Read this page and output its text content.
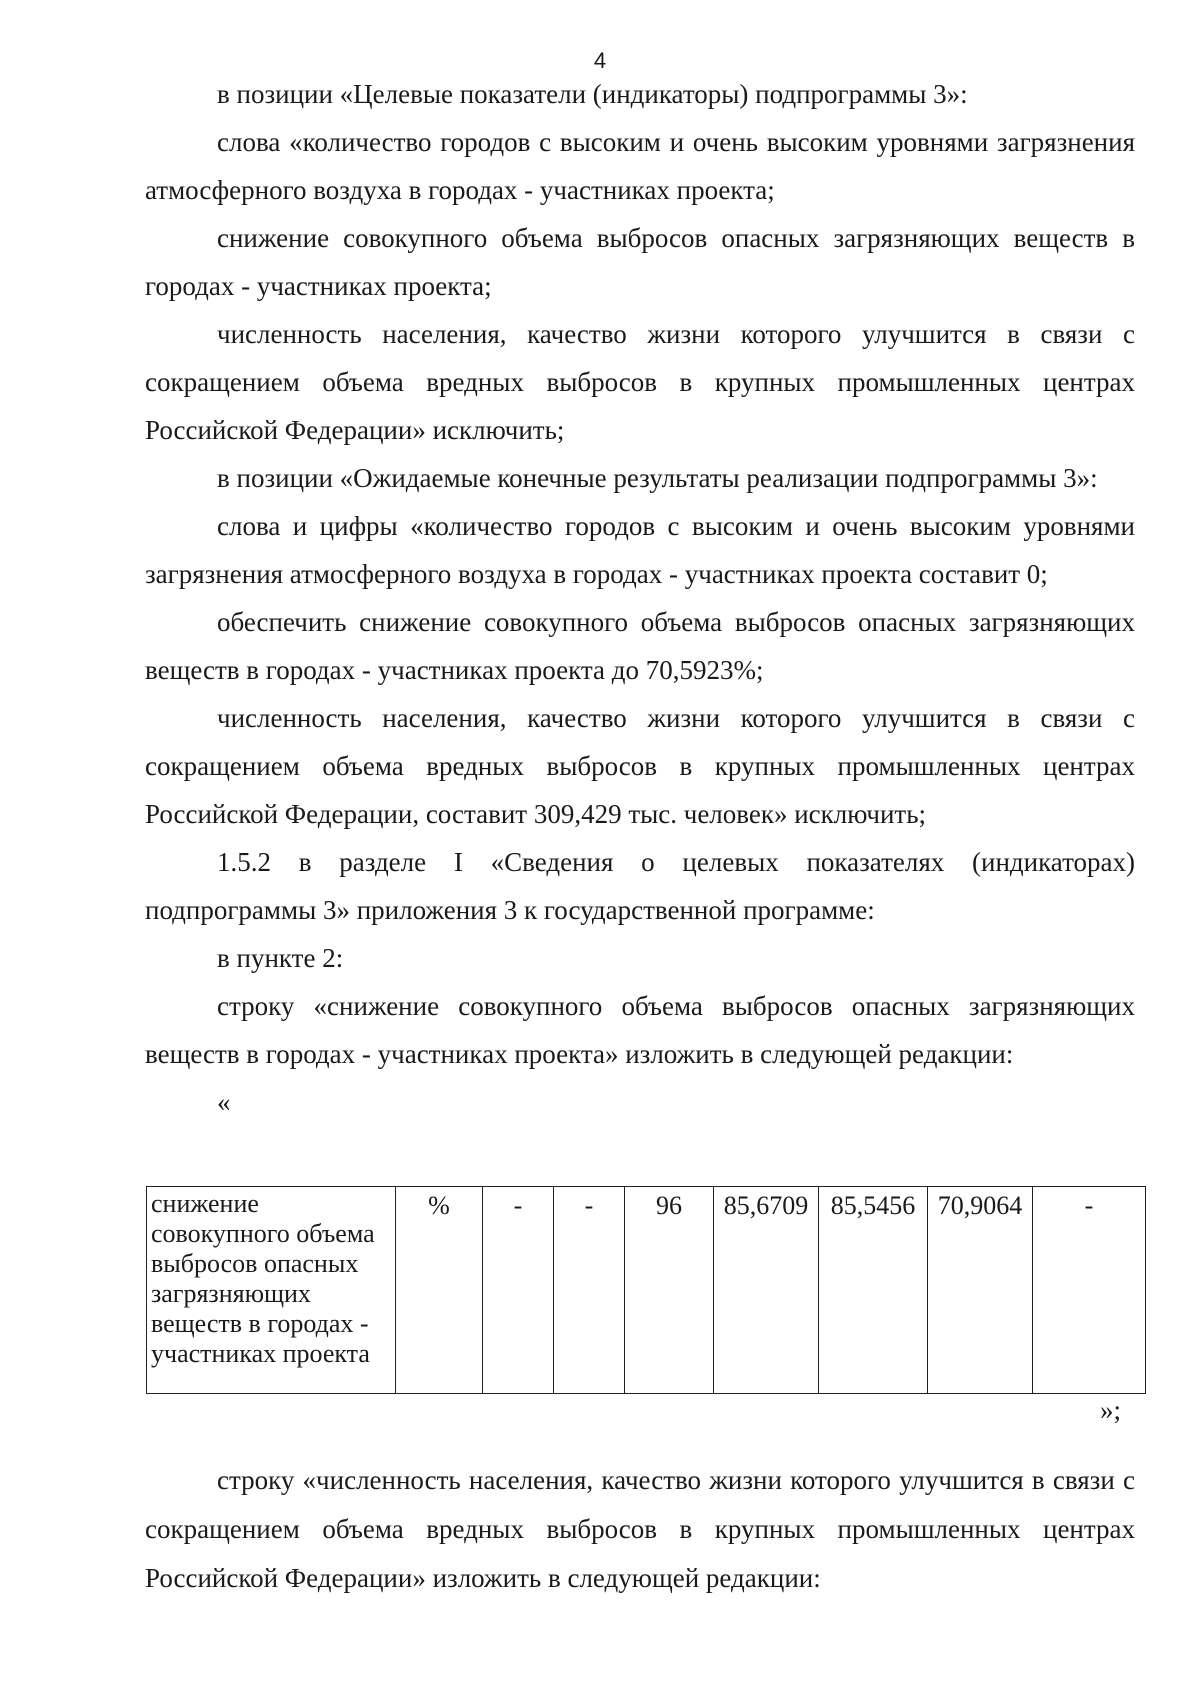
4

в позиции «Целевые показатели (индикаторы) подпрограммы 3»:

слова «количество городов с высоким и очень высоким уровнями загрязнения атмосферного воздуха в городах - участниках проекта;

снижение совокупного объема выбросов опасных загрязняющих веществ в городах - участниках проекта;

численность населения, качество жизни которого улучшится в связи с сокращением объема вредных выбросов в крупных промышленных центрах Российской Федерации» исключить;

в позиции «Ожидаемые конечные результаты реализации подпрограммы 3»:

слова и цифры «количество городов с высоким и очень высоким уровнями загрязнения атмосферного воздуха в городах - участниках проекта составит 0;

обеспечить снижение совокупного объема выбросов опасных загрязняющих веществ в городах - участниках проекта до 70,5923%;

численность населения, качество жизни которого улучшится в связи с сокращением объема вредных выбросов в крупных промышленных центрах Российской Федерации, составит 309,429 тыс. человек» исключить;

1.5.2 в разделе I «Сведения о целевых показателях (индикаторах) подпрограммы 3» приложения 3 к государственной программе:

в пункте 2:

строку «снижение совокупного объема выбросов опасных загрязняющих веществ в городах - участниках проекта» изложить в следующей редакции:

«

снижение совокупного объема выбросов опасных загрязняющих веществ в городах - участниках проекта	%	-	-	96	85,6709	85,5456	70,9064	-
»;

строку «численность населения, качество жизни которого улучшится в связи с сокращением объема вредных выбросов в крупных промышленных центрах Российской Федерации» изложить в следующей редакции:
